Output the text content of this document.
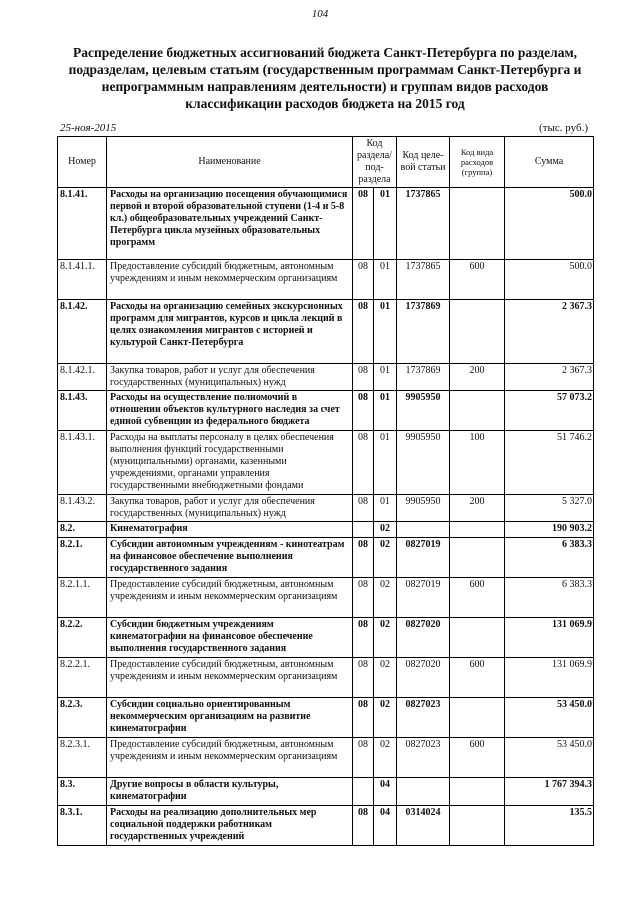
104
Распределение бюджетных ассигнований бюджета Санкт-Петербурга по разделам, подразделам, целевым статьям (государственным программам Санкт-Петербурга и непрограммным направлениям деятельности) и группам видов расходов классификации расходов бюджета на 2015 год
25-ноя-2015	(тыс. руб.)
Номер	Наименование	Код раздела/ под- раздела		Код целе- вой статьи	Код вида расходов (группа)	Сумма
8.1.41.	Расходы на организацию посещения обучающимися первой и второй образовательной ступени (1-4 и 5-8 кл.) общеобразовательных учреждений Санкт-Петербурга цикла музейных образовательных программ	08	01	1737865		500.0
8.1.41.1.	Предоставление субсидий бюджетным, автономным учреждениям и иным некоммерческим организациям	08	01	1737865	600	500.0
8.1.42.	Расходы на организацию семейных экскурсионных программ для мигрантов, курсов и цикла лекций в целях ознакомления мигрантов с историей и культурой Санкт-Петербурга	08	01	1737869		2 367.3
8.1.42.1.	Закупка товаров, работ и услуг для обеспечения государственных (муниципальных) нужд	08	01	1737869	200	2 367.3
8.1.43.	Расходы на осуществление полномочий в отношении объектов культурного наследия за счет единой субвенции из федерального бюджета	08	01	9905950		57 073.2
8.1.43.1.	Расходы на выплаты персоналу в целях обеспечения выполнения функций государственными (муниципальными) органами, казенными учреждениями, органами управления государственными внебюджетными фондами	08	01	9905950	100	51 746.2
8.1.43.2.	Закупка товаров, работ и услуг для обеспечения государственных (муниципальных) нужд	08	01	9905950	200	5 327.0
8.2.	Кинематография		02			190 903.2
8.2.1.	Субсидии автономным учреждениям - кинотеатрам на финансовое обеспечение выполнения государственного задания	08	02	0827019		6 383.3
8.2.1.1.	Предоставление субсидий бюджетным, автономным учреждениям и иным некоммерческим организациям	08	02	0827019	600	6 383.3
8.2.2.	Субсидии бюджетным учреждениям кинематографии на финансовое обеспечение выполнения государственного задания	08	02	0827020		131 069.9
8.2.2.1.	Предоставление субсидий бюджетным, автономным учреждениям и иным некоммерческим организациям	08	02	0827020	600	131 069.9
8.2.3.	Субсидии социально ориентированным некоммерческим организациям на развитие кинематографии	08	02	0827023		53 450.0
8.2.3.1.	Предоставление субсидий бюджетным, автономным учреждениям и иным некоммерческим организациям	08	02	0827023	600	53 450.0
8.3.	Другие вопросы в области культуры, кинематографии		04			1 767 394.3
8.3.1.	Расходы на реализацию дополнительных мер социальной поддержки работникам государственных учреждений	08	04	0314024		135.5
